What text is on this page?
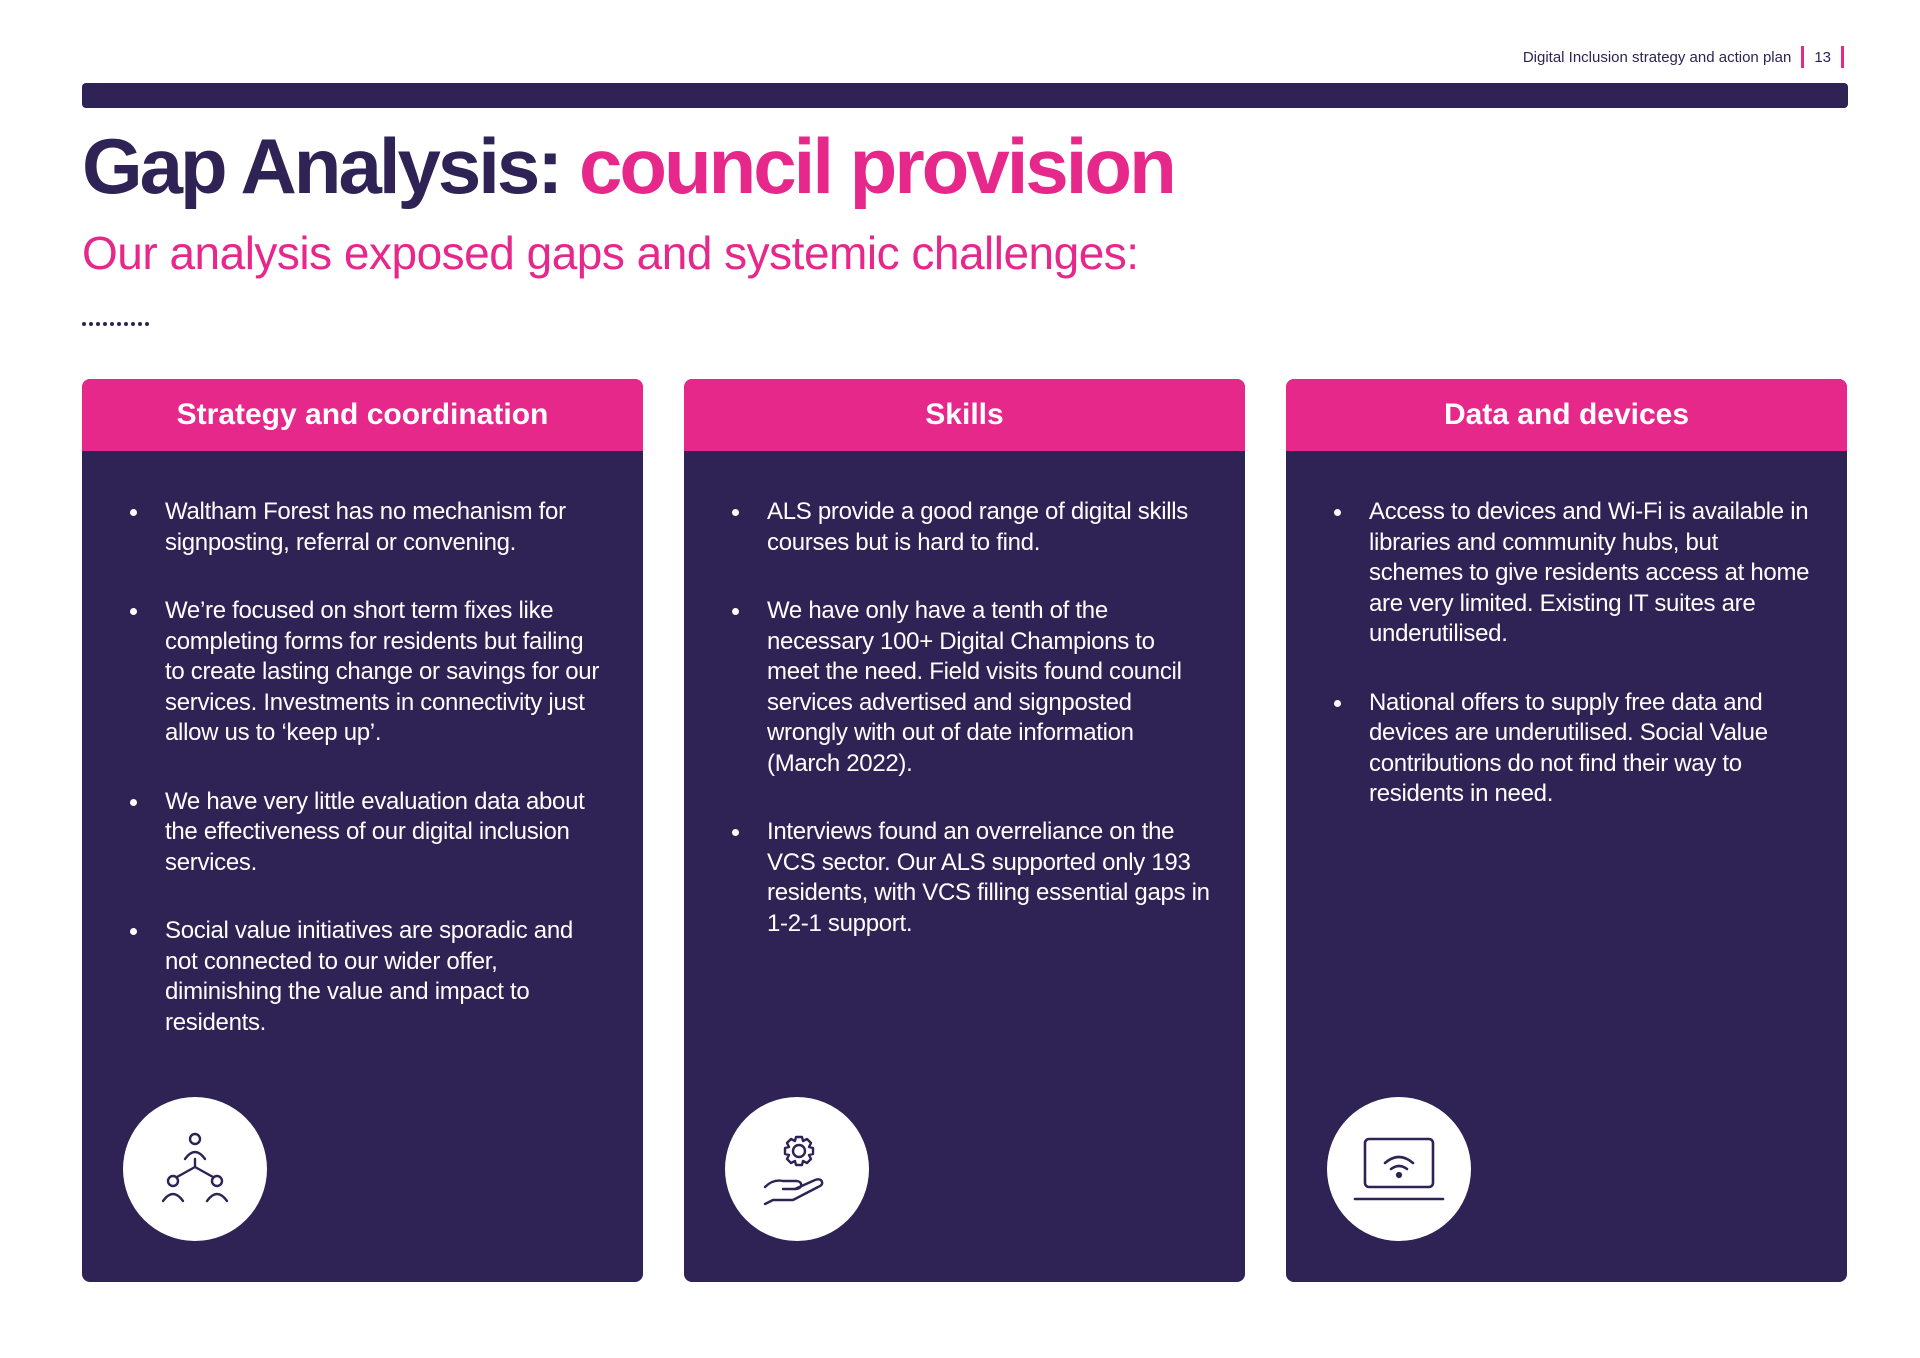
Digital Inclusion strategy and action plan 13
Gap Analysis: council provision
Our analysis exposed gaps and systemic challenges:
Strategy and coordination
Waltham Forest has no mechanism for signposting, referral or convening.
We’re focused on short term fixes like completing forms for residents but failing to create lasting change or savings for our services. Investments in connectivity just allow us to ‘keep up’.
We have very little evaluation data about the effectiveness of our digital inclusion services.
Social value initiatives are sporadic and not connected to our wider offer, diminishing the value and impact to residents.
Skills
ALS provide a good range of digital skills courses but is hard to find.
We have only have a tenth of the necessary 100+ Digital Champions to meet the need. Field visits found council services advertised and signposted wrongly with out of date information (March 2022).
Interviews found an overreliance on the VCS sector. Our ALS supported only 193 residents, with VCS filling essential gaps in 1-2-1 support.
Data and devices
Access to devices and Wi-Fi is available in libraries and community hubs, but schemes to give residents access at home are very limited. Existing IT suites are underutilised.
National offers to supply free data and devices are underutilised. Social Value contributions do not find their way to residents in need.
